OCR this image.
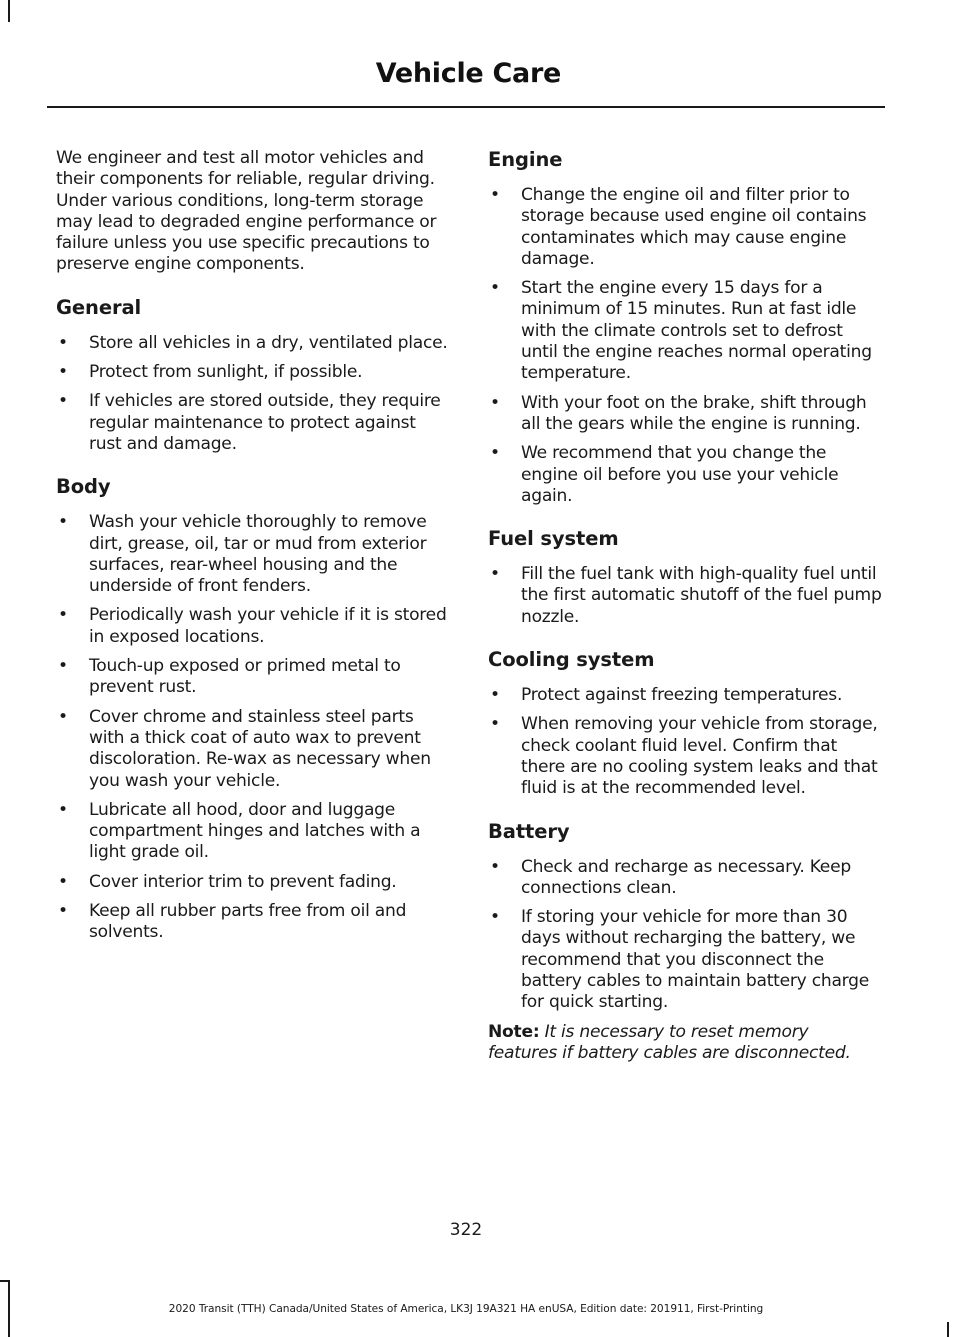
Vehicle Care

We engineer and test all motor vehicles and their components for reliable, regular driving. Under various conditions, long-term storage may lead to degraded engine performance or failure unless you use specific precautions to preserve engine components.

General
• Store all vehicles in a dry, ventilated place.
• Protect from sunlight, if possible.
• If vehicles are stored outside, they require regular maintenance to protect against rust and damage.
Body
• Wash your vehicle thoroughly to remove dirt, grease, oil, tar or mud from exterior surfaces, rear-wheel housing and the underside of front fenders.
• Periodically wash your vehicle if it is stored in exposed locations.
• Touch-up exposed or primed metal to prevent rust.
• Cover chrome and stainless steel parts with a thick coat of auto wax to prevent discoloration. Re-wax as necessary when you wash your vehicle.
• Lubricate all hood, door and luggage compartment hinges and latches with a light grade oil.
• Cover interior trim to prevent fading.
• Keep all rubber parts free from oil and solvents.
Engine
• Change the engine oil and filter prior to storage because used engine oil contains contaminates which may cause engine damage.
• Start the engine every 15 days for a minimum of 15 minutes. Run at fast idle with the climate controls set to defrost until the engine reaches normal operating temperature.
• With your foot on the brake, shift through all the gears while the engine is running.
• We recommend that you change the engine oil before you use your vehicle again.
Fuel system
• Fill the fuel tank with high-quality fuel until the first automatic shutoff of the fuel pump nozzle.
Cooling system
• Protect against freezing temperatures.
• When removing your vehicle from storage, check coolant fluid level. Confirm that there are no cooling system leaks and that fluid is at the recommended level.
Battery
• Check and recharge as necessary. Keep connections clean.
• If storing your vehicle for more than 30 days without recharging the battery, we recommend that you disconnect the battery cables to maintain battery charge for quick starting.

Note: It is necessary to reset memory features if battery cables are disconnected.

322
2020 Transit (TTH) Canada/United States of America, LK3J 19A321 HA enUSA, Edition date: 201911, First-Printing
